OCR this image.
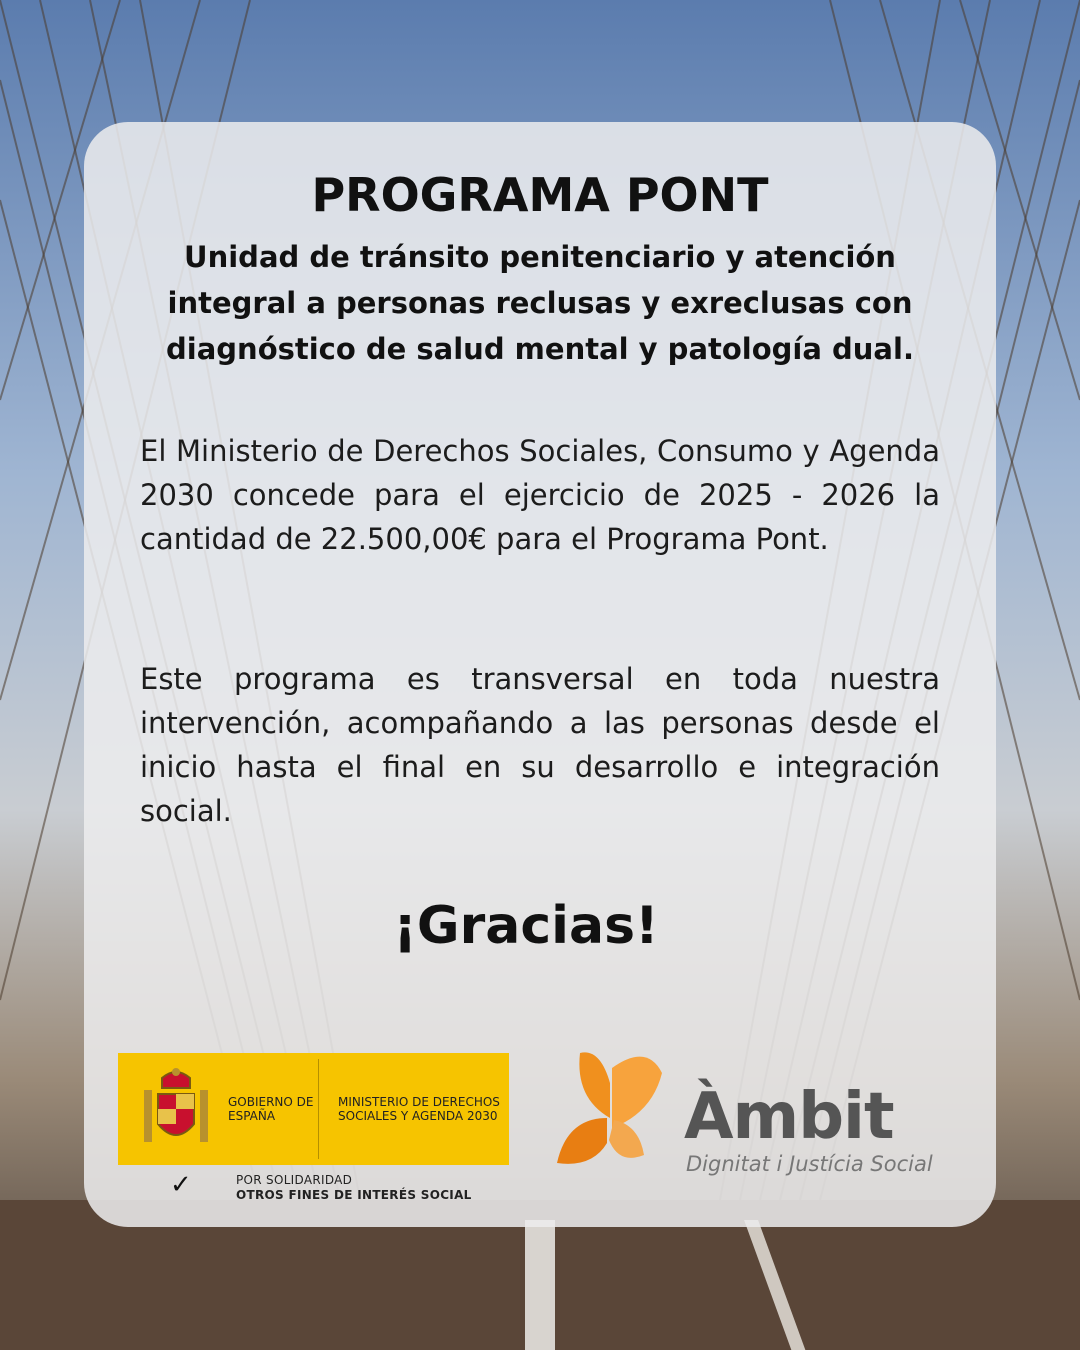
PROGRAMA PONT

Unidad de tránsito penitenciario y atención integral a personas reclusas y exreclusas con diagnóstico de salud mental y patología dual.

El Ministerio de Derechos Sociales, Consumo y Agenda 2030 concede para el ejercicio de 2025 - 2026 la cantidad de 22.500,00€ para el Programa Pont.

Este programa es transversal en toda nuestra intervención, acompañando a las personas desde el inicio hasta el final en su desarrollo e integración social.

¡Gracias!

GOBIERNO DE ESPAÑA
MINISTERIO DE DERECHOS SOCIALES Y AGENDA 2030
✓	POR SOLIDARIDAD
OTROS FINES DE INTERÉS SOCIAL
Àmbit
Dignitat i Justícia Social
